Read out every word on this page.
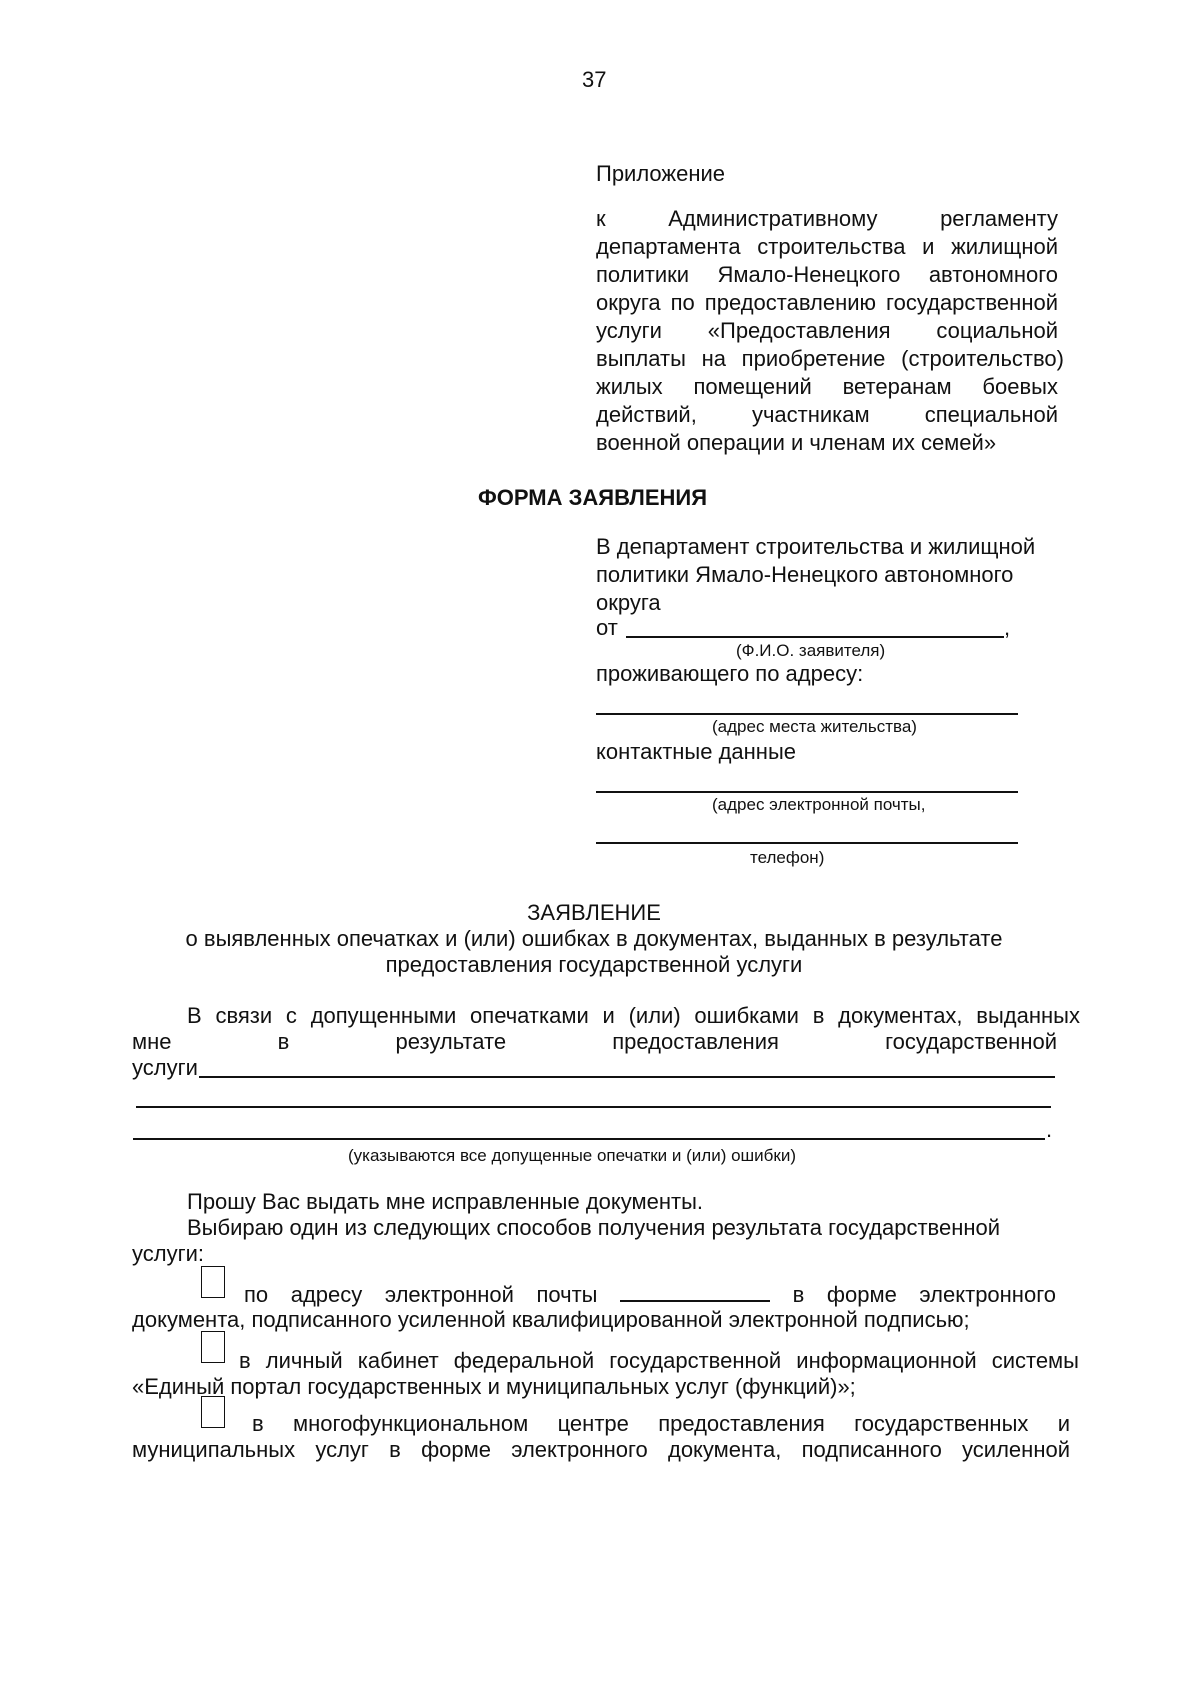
37
Приложение
к Административному регламенту
департамента строительства и жилищной
политики Ямало-Ненецкого автономного
округа по предоставлению государственной
услуги «Предоставления социальной
выплаты на приобретение (строительство)
жилых помещений ветеранам боевых
действий, участникам специальной
военной операции и членам их семей»
ФОРМА ЗАЯВЛЕНИЯ
В департамент строительства и жилищной
политики Ямало-Ненецкого автономного
округа
от	,
(Ф.И.О. заявителя)
проживающего по адресу:
(адрес места жительства)
контактные данные
(адрес электронной почты,
телефон)
ЗАЯВЛЕНИЕ
о выявленных опечатках и (или) ошибках в документах, выданных в результате
предоставления государственной услуги
В связи с допущенными опечатками и (или) ошибками в документах, выданных
мне в результате предоставления государственной
услуги
.
(указываются все допущенные опечатки и (или) ошибки)
Прошу Вас выдать мне исправленные документы.
Выбираю один из следующих способов получения результата государственной
услуги:
по адресу электронной почты	в форме электронного
документа, подписанного усиленной квалифицированной электронной подписью;
в личный кабинет федеральной государственной информационной системы
«Единый портал государственных и муниципальных услуг (функций)»;
в многофункциональном центре предоставления государственных и
муниципальных услуг в форме электронного документа, подписанного усиленной
